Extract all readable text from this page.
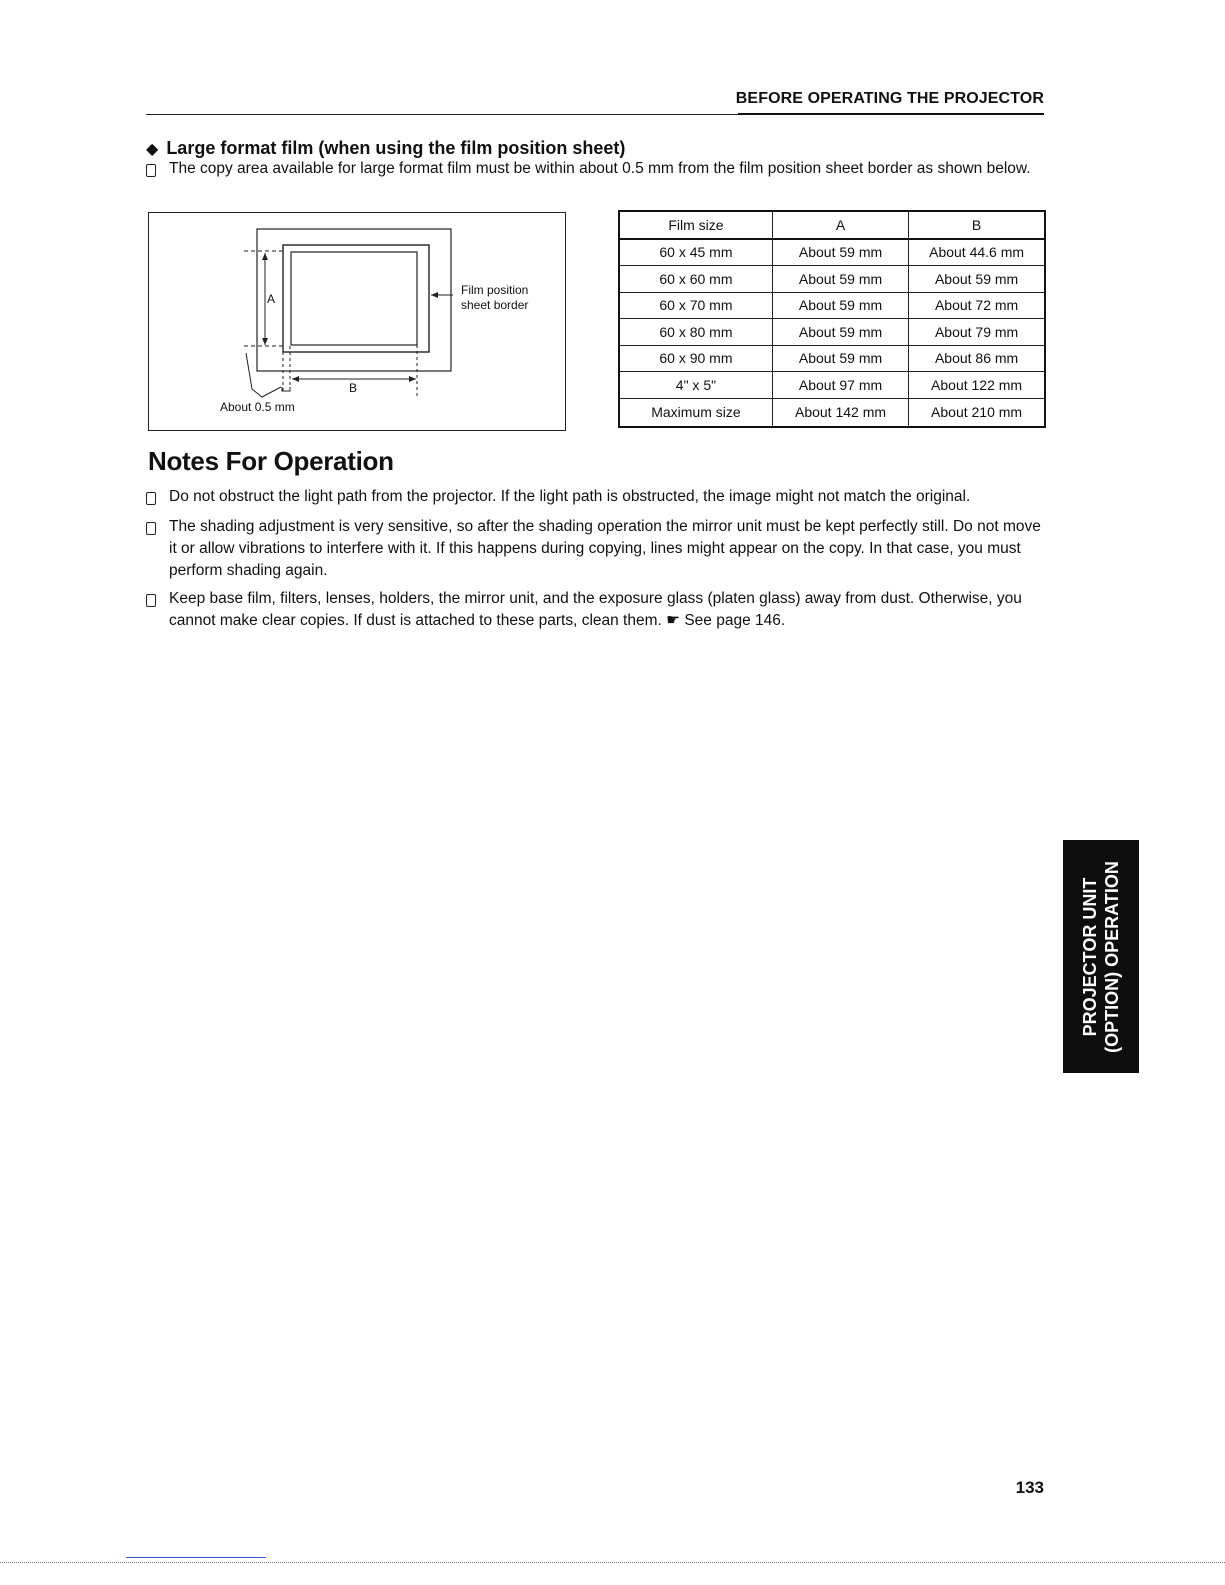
BEFORE OPERATING THE PROJECTOR
◆ Large format film (when using the film position sheet)
The copy area available for large format film must be within about 0.5 mm from the film position sheet border as shown below.
A
B
Film position
sheet border
About 0.5 mm
Film size	A	B
60 x 45 mm	About 59 mm	About 44.6 mm
60 x 60 mm	About 59 mm	About 59 mm
60 x 70 mm	About 59 mm	About 72 mm
60 x 80 mm	About 59 mm	About 79 mm
60 x 90 mm	About 59 mm	About 86 mm
4" x 5"	About 97 mm	About 122 mm
Maximum size	About 142 mm	About 210 mm
Notes For Operation
Do not obstruct the light path from the projector. If the light path is obstructed, the image might not match the original.
The shading adjustment is very sensitive, so after the shading operation the mirror unit must be kept perfectly still. Do not move it or allow vibrations to interfere with it. If this happens during copying, lines might appear on the copy. In that case, you must perform shading again.
Keep base film, filters, lenses, holders, the mirror unit, and the exposure glass (platen glass) away from dust. Otherwise, you cannot make clear copies. If dust is attached to these parts, clean them. ☛ See page 146.
PROJECTOR UNIT (OPTION) OPERATION
133
